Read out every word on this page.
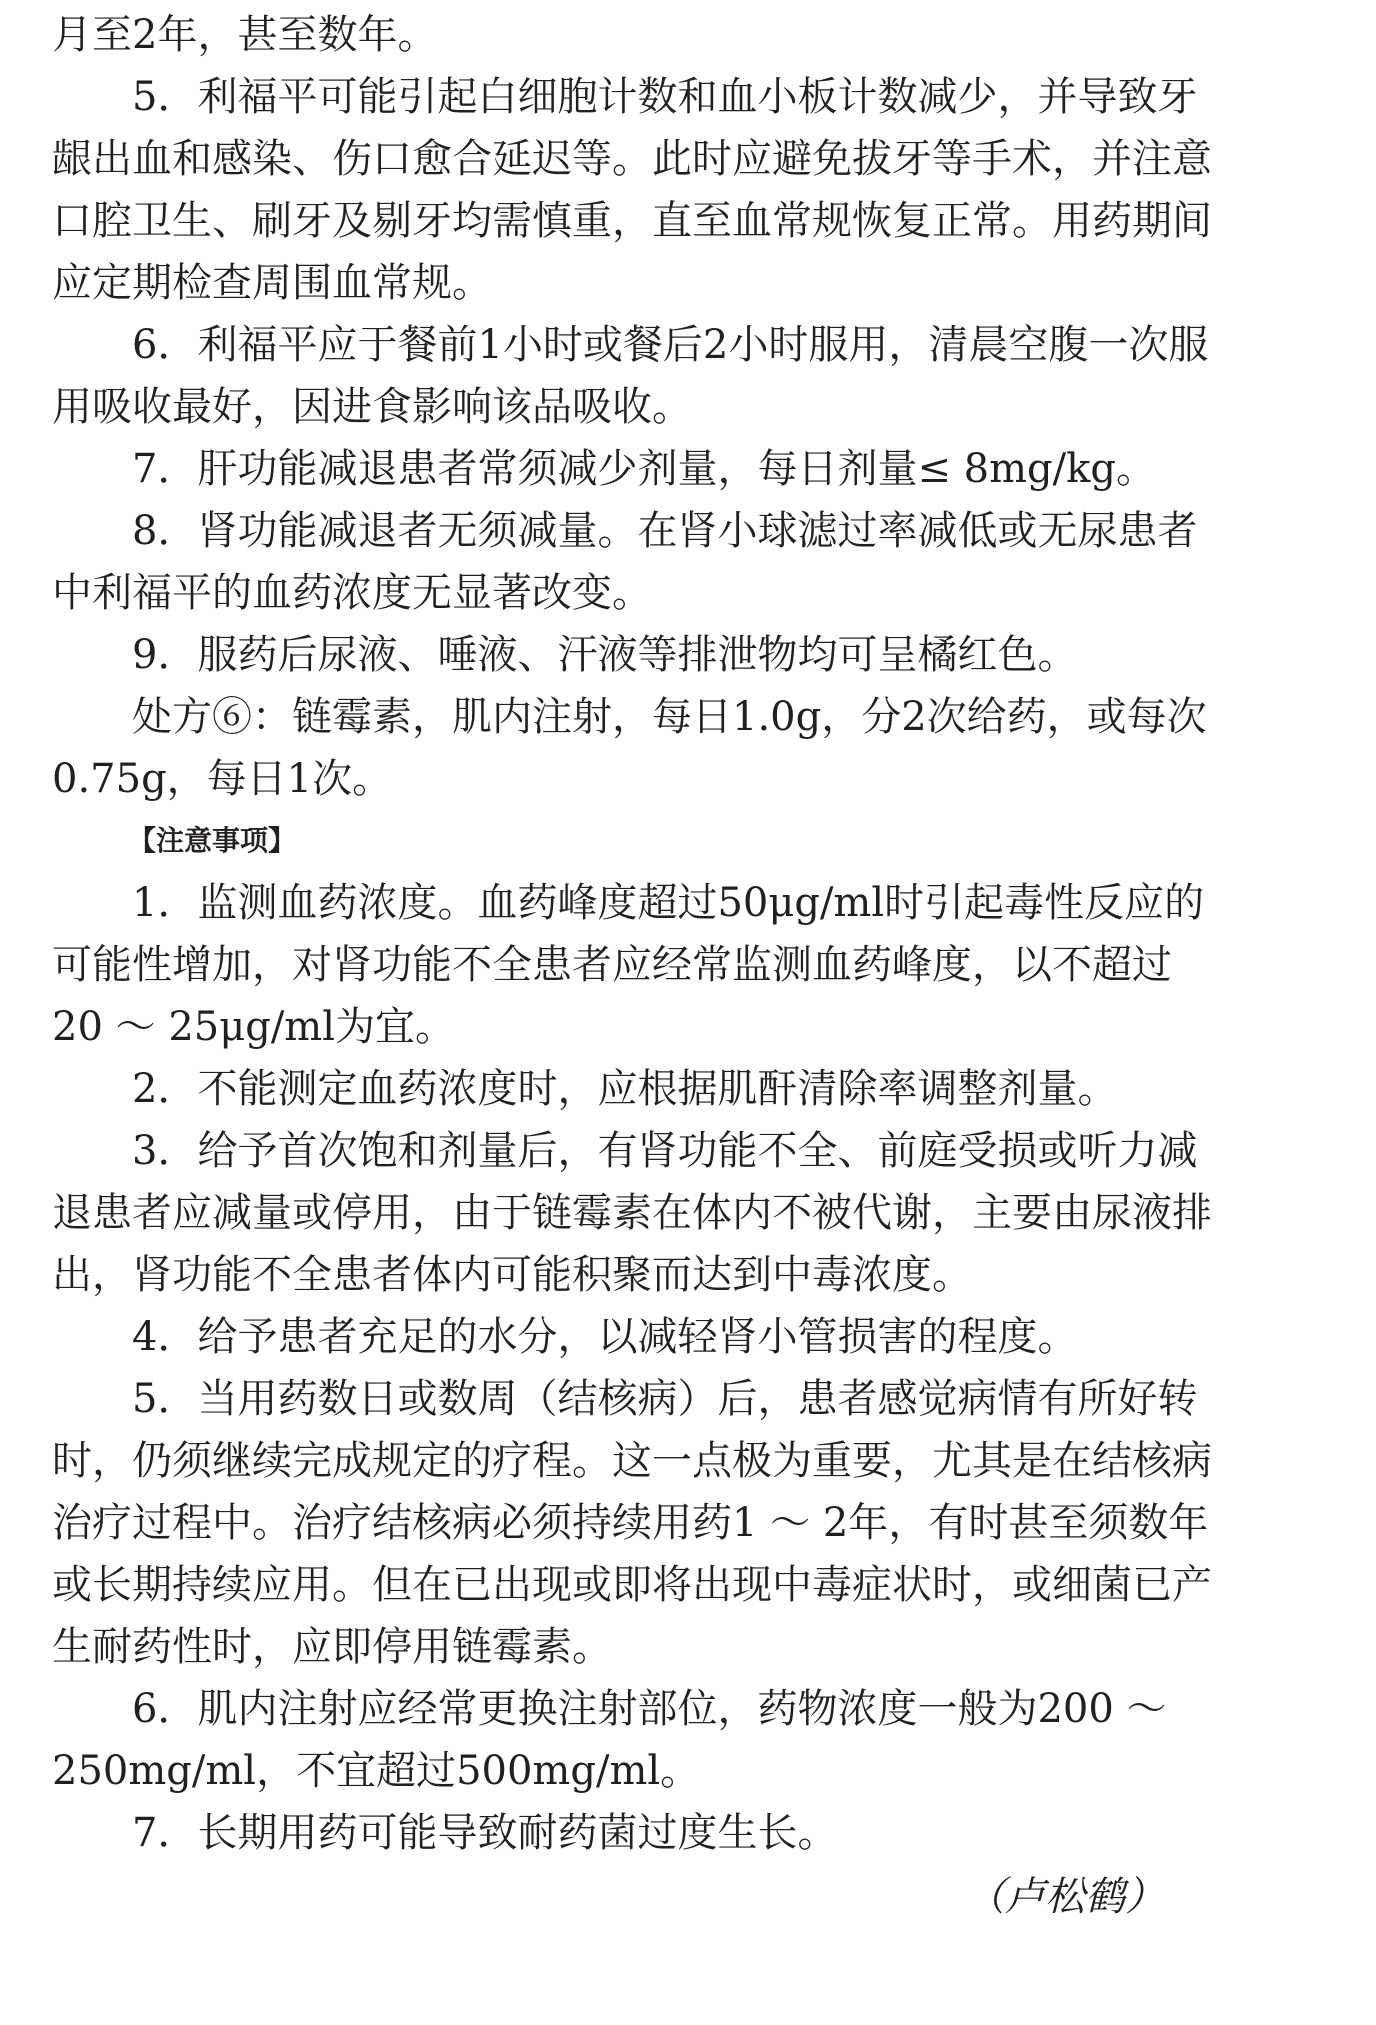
月至2年，甚至数年。
5．利福平可能引起白细胞计数和血小板计数减少，并导致牙
龈出血和感染、伤口愈合延迟等。此时应避免拔牙等手术，并注意
口腔卫生、刷牙及剔牙均需慎重，直至血常规恢复正常。用药期间
应定期检查周围血常规。
6．利福平应于餐前1小时或餐后2小时服用，清晨空腹一次服
用吸收最好，因进食影响该品吸收。
7．肝功能减退患者常须减少剂量，每日剂量≤ 8mg/kg。
8．肾功能减退者无须减量。在肾小球滤过率减低或无尿患者
中利福平的血药浓度无显著改变。
9．服药后尿液、唾液、汗液等排泄物均可呈橘红色。
处方⑥：链霉素，肌内注射，每日1.0g，分2次给药，或每次
0.75g，每日1次。
【注意事项】
1．监测血药浓度。血药峰度超过50μg/ml时引起毒性反应的
可能性增加，对肾功能不全患者应经常监测血药峰度，以不超过
20 ～ 25μg/ml为宜。
2．不能测定血药浓度时，应根据肌酐清除率调整剂量。
3．给予首次饱和剂量后，有肾功能不全、前庭受损或听力减
退患者应减量或停用，由于链霉素在体内不被代谢，主要由尿液排
出，肾功能不全患者体内可能积聚而达到中毒浓度。
4．给予患者充足的水分，以减轻肾小管损害的程度。
5．当用药数日或数周（结核病）后，患者感觉病情有所好转
时，仍须继续完成规定的疗程。这一点极为重要，尤其是在结核病
治疗过程中。治疗结核病必须持续用药1 ～ 2年，有时甚至须数年
或长期持续应用。但在已出现或即将出现中毒症状时，或细菌已产
生耐药性时，应即停用链霉素。
6．肌内注射应经常更换注射部位，药物浓度一般为200 ～
250mg/ml，不宜超过500mg/ml。
7．长期用药可能导致耐药菌过度生长。
（卢松鹤）
